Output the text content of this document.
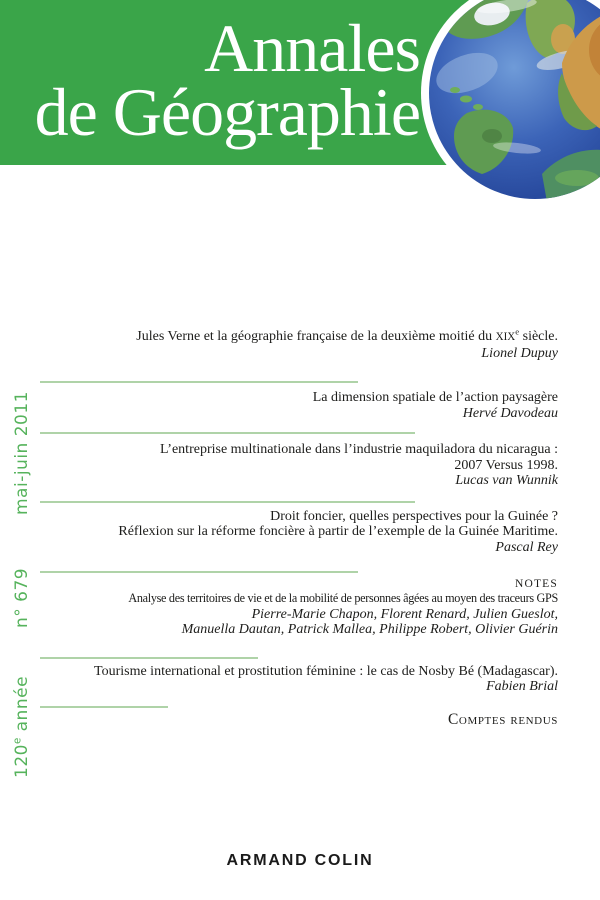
Annales
de Géographie
mai-juin 2011
n° 679
120e année
Jules Verne et la géographie française de la deuxième moitié du XIXe siècle.
Lionel Dupuy
La dimension spatiale de l’action paysagère
Hervé Davodeau
L’entreprise multinationale dans l’industrie maquiladora du nicaragua :
2007 Versus 1998.
Lucas van Wunnik
Droit foncier, quelles perspectives pour la Guinée ?
Réflexion sur la réforme foncière à partir de l’exemple de la Guinée Maritime.
Pascal Rey
NOTES
Analyse des territoires de vie et de la mobilité de personnes âgées au moyen des traceurs GPS
Pierre-Marie Chapon, Florent Renard, Julien Gueslot,
Manuella Dautan, Patrick Mallea, Philippe Robert, Olivier Guérin
Tourisme international et prostitution féminine : le cas de Nosby Bé (Madagascar).
Fabien Brial
Comptes rendus
ARMAND COLIN
